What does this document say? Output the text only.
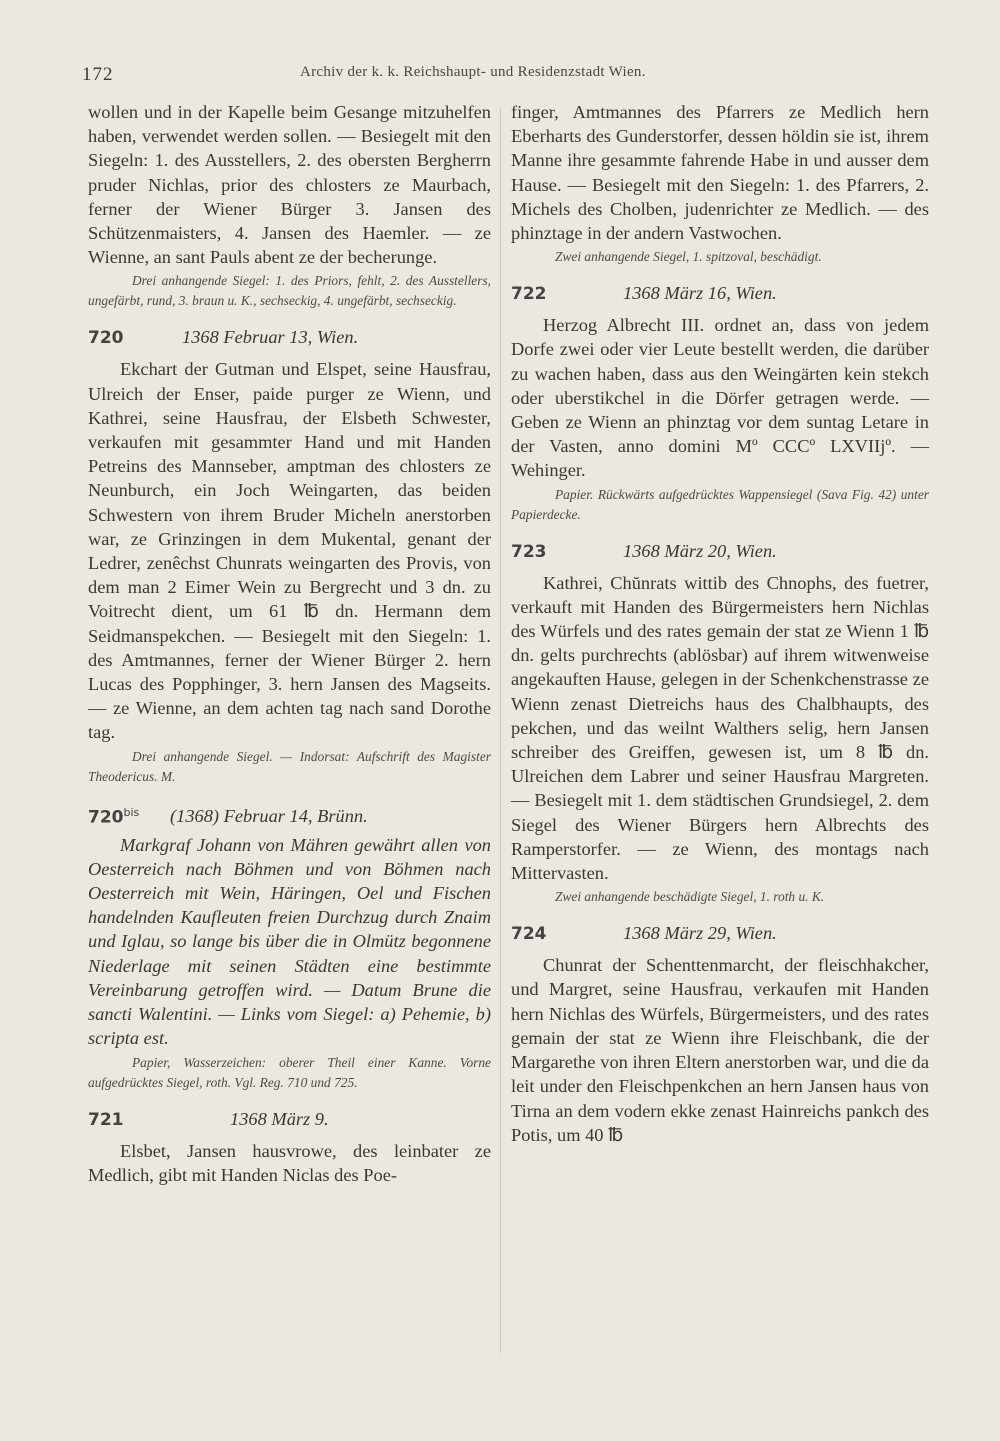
172	Archiv der k. k. Reichshaupt- und Residenzstadt Wien.

wollen und in der Kapelle beim Gesange mitzuhelfen haben, verwendet werden sollen. — Besiegelt mit den Siegeln: 1. des Ausstellers, 2. des obersten Bergherrn pruder Nichlas, prior des chlosters ze Maurbach, ferner der Wiener Bürger 3. Jansen des Schützenmaisters, 4. Jansen des Haemler. — ze Wienne, an sant Pauls abent ze der becherunge.

Drei anhangende Siegel: 1. des Priors, fehlt, 2. des Ausstellers, ungefärbt, rund, 3. braun u. K., sechseckig, 4. ungefärbt, sechseckig.

720	1368 Februar 13, Wien.

Ekchart der Gutman und Elspet, seine Hausfrau, Ulreich der Enser, paide purger ze Wienn, und Kathrei, seine Hausfrau, der Elsbeth Schwester, verkaufen mit gesammter Hand und mit Handen Petreins des Mannseber, amptman des chlosters ze Neunburch, ein Joch Weingarten, das beiden Schwestern von ihrem Bruder Micheln anerstorben war, ze Grinzingen in dem Mukental, genant der Ledrer, zenêchst Chunrats weingarten des Provis, von dem man 2 Eimer Wein zu Bergrecht und 3 dn. zu Voitrecht dient, um 61 ℔ dn. Hermann dem Seidmanspekchen. — Besiegelt mit den Siegeln: 1. des Amtmannes, ferner der Wiener Bürger 2. hern Lucas des Popphinger, 3. hern Jansen des Magseits. — ze Wienne, an dem achten tag nach sand Dorothe tag.

Drei anhangende Siegel. — Indorsat: Aufschrift des Magister Theodericus. M.

$720^{bis}$	(1368) Februar 14, Brünn.

Markgraf Johann von Mähren gewährt allen von Oesterreich nach Böhmen und von Böhmen nach Oesterreich mit Wein, Häringen, Oel und Fischen handelnden Kaufleuten freien Durchzug durch Znaim und Iglau, so lange bis über die in Olmütz begonnene Niederlage mit seinen Städten eine bestimmte Vereinbarung getroffen wird. — Datum Brune die sancti Walentini. — Links vom Siegel: a) Pehemie, b) scripta est.

Papier, Wasserzeichen: oberer Theil einer Kanne. Vorne aufgedrücktes Siegel, roth. Vgl. Reg. 710 und 725.

721	1368 März 9.

Elsbet, Jansen hausvrowe, des leinbater ze Medlich, gibt mit Handen Niclas des Poe-

finger, Amtmannes des Pfarrers ze Medlich hern Eberharts des Gunderstorfer, dessen höldin sie ist, ihrem Manne ihre gesammte fahrende Habe in und ausser dem Hause. — Besiegelt mit den Siegeln: 1. des Pfarrers, 2. Michels des Cholben, judenrichter ze Medlich. — des phinztage in der andern Vastwochen.

Zwei anhangende Siegel, 1. spitzoval, beschädigt.

722	1368 März 16, Wien.

Herzog Albrecht III. ordnet an, dass von jedem Dorfe zwei oder vier Leute bestellt werden, die darüber zu wachen haben, dass aus den Weingärten kein stekch oder uberstikchel in die Dörfer getragen werde. — Geben ze Wienn an phinztag vor dem suntag Letare in der Vasten, anno domini Mº CCCº LXVIIjº. — Wehinger.

Papier. Rückwärts aufgedrücktes Wappensiegel (Sava Fig. 42) unter Papierdecke.

723	1368 März 20, Wien.

Kathrei, Chŭnrats wittib des Chnophs, des fuetrer, verkauft mit Handen des Bürgermeisters hern Nichlas des Würfels und des rates gemain der stat ze Wienn 1 ℔ dn. gelts purchrechts (ablösbar) auf ihrem witwenweise angekauften Hause, gelegen in der Schenkchenstrasse ze Wienn zenast Dietreichs haus des Chalbhaupts, des pekchen, und das weilnt Walthers selig, hern Jansen schreiber des Greiffen, gewesen ist, um 8 ℔ dn. Ulreichen dem Labrer und seiner Hausfrau Margreten. — Besiegelt mit 1. dem städtischen Grundsiegel, 2. dem Siegel des Wiener Bürgers hern Albrechts des Ramperstorfer. — ze Wienn, des montags nach Mittervasten.

Zwei anhangende beschädigte Siegel, 1. roth u. K.

724	1368 März 29, Wien.

Chunrat der Schenttenmarcht, der fleischhakcher, und Margret, seine Hausfrau, verkaufen mit Handen hern Nichlas des Würfels, Bürgermeisters, und des rates gemain der stat ze Wienn ihre Fleischbank, die der Margarethe von ihren Eltern anerstorben war, und die da leit under den Fleischpenkchen an hern Jansen haus von Tirna an dem vodern ekke zenast Hainreichs pankch des Potis, um 40 ℔
